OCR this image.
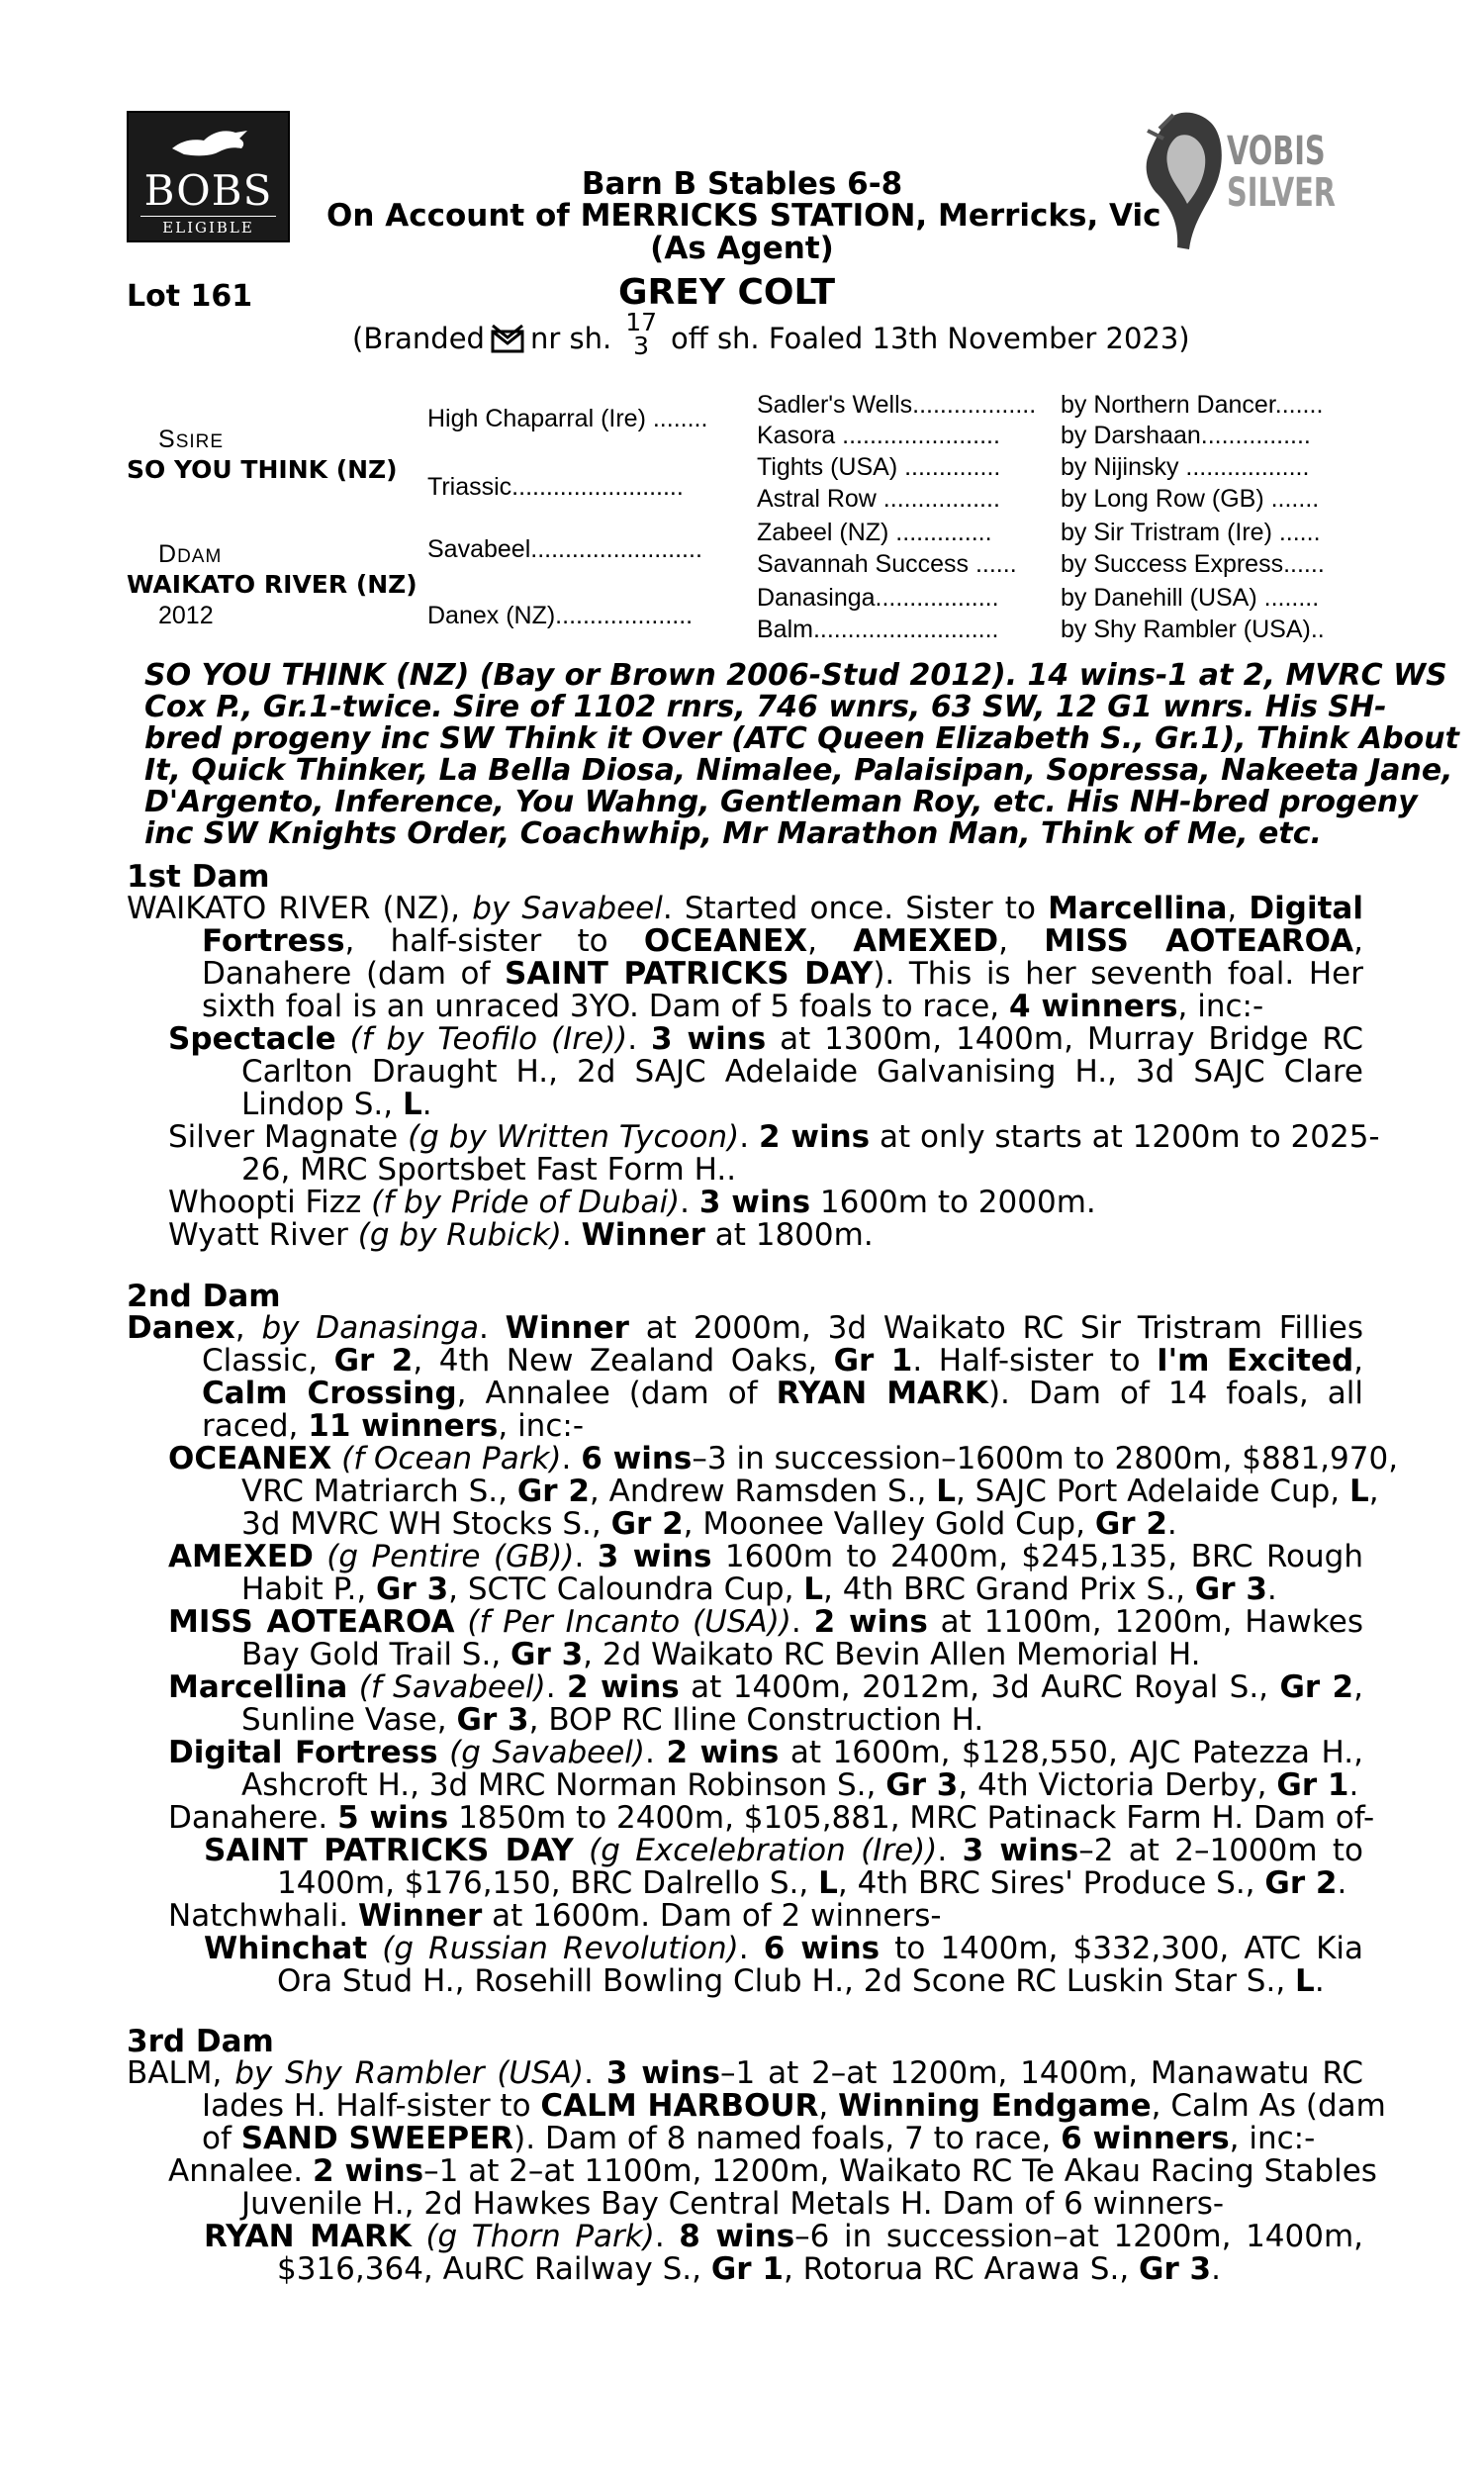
BOBS
ELIGIBLE
VOBIS
SILVER
Barn B Stables 6-8
On Account of MERRICKS STATION, Merricks, Vic
(As Agent)
Lot 161	GREY COLT
(Branded nr sh. 17
3 off sh. Foaled 13th November 2023)
SSIRE
SO YOU THINK (NZ)
DDAM
WAIKATO RIVER (NZ)
2012
High Chaparral (Ire) ........
Triassic.........................
Savabeel.........................
Danex (NZ)....................
Sadler's Wells..................
Kasora .......................
Tights (USA) ..............
Astral Row .................
Zabeel (NZ) ..............
Savannah Success ......
Danasinga..................
Balm...........................
by Northern Dancer.......
by Darshaan................
by Nijinsky ..................
by Long Row (GB) .......
by Sir Tristram (Ire) ......
by Success Express......
by Danehill (USA) ........
by Shy Rambler (USA)..
SO YOU THINK (NZ) (Bay or Brown 2006-Stud 2012). 14 wins-1 at 2, MVRC WS
Cox P., Gr.1-twice. Sire of 1102 rnrs, 746 wnrs, 63 SW, 12 G1 wnrs. His SH-
bred progeny inc SW Think it Over (ATC Queen Elizabeth S., Gr.1), Think About
It, Quick Thinker, La Bella Diosa, Nimalee, Palaisipan, Sopressa, Nakeeta Jane,
D'Argento, Inference, You Wahng, Gentleman Roy, etc. His NH-bred progeny
inc SW Knights Order, Coachwhip, Mr Marathon Man, Think of Me, etc.
1st Dam
WAIKATO RIVER (NZ), by Savabeel. Started once. Sister to Marcellina, Digital
Fortress, half-sister to OCEANEX, AMEXED, MISS AOTEAROA,
Danahere (dam of SAINT PATRICKS DAY). This is her seventh foal. Her
sixth foal is an unraced 3YO. Dam of 5 foals to race, 4 winners, inc:-
Spectacle (f by Teofilo (Ire)). 3 wins at 1300m, 1400m, Murray Bridge RC
Carlton Draught H., 2d SAJC Adelaide Galvanising H., 3d SAJC Clare
Lindop S., L.
Silver Magnate (g by Written Tycoon). 2 wins at only starts at 1200m to 2025-
26, MRC Sportsbet Fast Form H..
Whoopti Fizz (f by Pride of Dubai). 3 wins 1600m to 2000m.
Wyatt River (g by Rubick). Winner at 1800m.
2nd Dam
Danex, by Danasinga. Winner at 2000m, 3d Waikato RC Sir Tristram Fillies
Classic, Gr 2, 4th New Zealand Oaks, Gr 1. Half-sister to I'm Excited,
Calm Crossing, Annalee (dam of RYAN MARK). Dam of 14 foals, all
raced, 11 winners, inc:-
OCEANEX (f Ocean Park). 6 wins–3 in succession–1600m to 2800m, $881,970,
VRC Matriarch S., Gr 2, Andrew Ramsden S., L, SAJC Port Adelaide Cup, L,
3d MVRC WH Stocks S., Gr 2, Moonee Valley Gold Cup, Gr 2.
AMEXED (g Pentire (GB)). 3 wins 1600m to 2400m, $245,135, BRC Rough
Habit P., Gr 3, SCTC Caloundra Cup, L, 4th BRC Grand Prix S., Gr 3.
MISS AOTEAROA (f Per Incanto (USA)). 2 wins at 1100m, 1200m, Hawkes
Bay Gold Trail S., Gr 3, 2d Waikato RC Bevin Allen Memorial H.
Marcellina (f Savabeel). 2 wins at 1400m, 2012m, 3d AuRC Royal S., Gr 2,
Sunline Vase, Gr 3, BOP RC Iline Construction H.
Digital Fortress (g Savabeel). 2 wins at 1600m, $128,550, AJC Patezza H.,
Ashcroft H., 3d MRC Norman Robinson S., Gr 3, 4th Victoria Derby, Gr 1.
Danahere. 5 wins 1850m to 2400m, $105,881, MRC Patinack Farm H. Dam of-
SAINT PATRICKS DAY (g Excelebration (Ire)). 3 wins–2 at 2–1000m to
1400m, $176,150, BRC Dalrello S., L, 4th BRC Sires' Produce S., Gr 2.
Natchwhali. Winner at 1600m. Dam of 2 winners-
Whinchat (g Russian Revolution). 6 wins to 1400m, $332,300, ATC Kia
Ora Stud H., Rosehill Bowling Club H., 2d Scone RC Luskin Star S., L.
3rd Dam
BALM, by Shy Rambler (USA). 3 wins–1 at 2–at 1200m, 1400m, Manawatu RC
Iades H. Half-sister to CALM HARBOUR, Winning Endgame, Calm As (dam
of SAND SWEEPER). Dam of 8 named foals, 7 to race, 6 winners, inc:-
Annalee. 2 wins–1 at 2–at 1100m, 1200m, Waikato RC Te Akau Racing Stables
Juvenile H., 2d Hawkes Bay Central Metals H. Dam of 6 winners-
RYAN MARK (g Thorn Park). 8 wins–6 in succession–at 1200m, 1400m,
$316,364, AuRC Railway S., Gr 1, Rotorua RC Arawa S., Gr 3.
